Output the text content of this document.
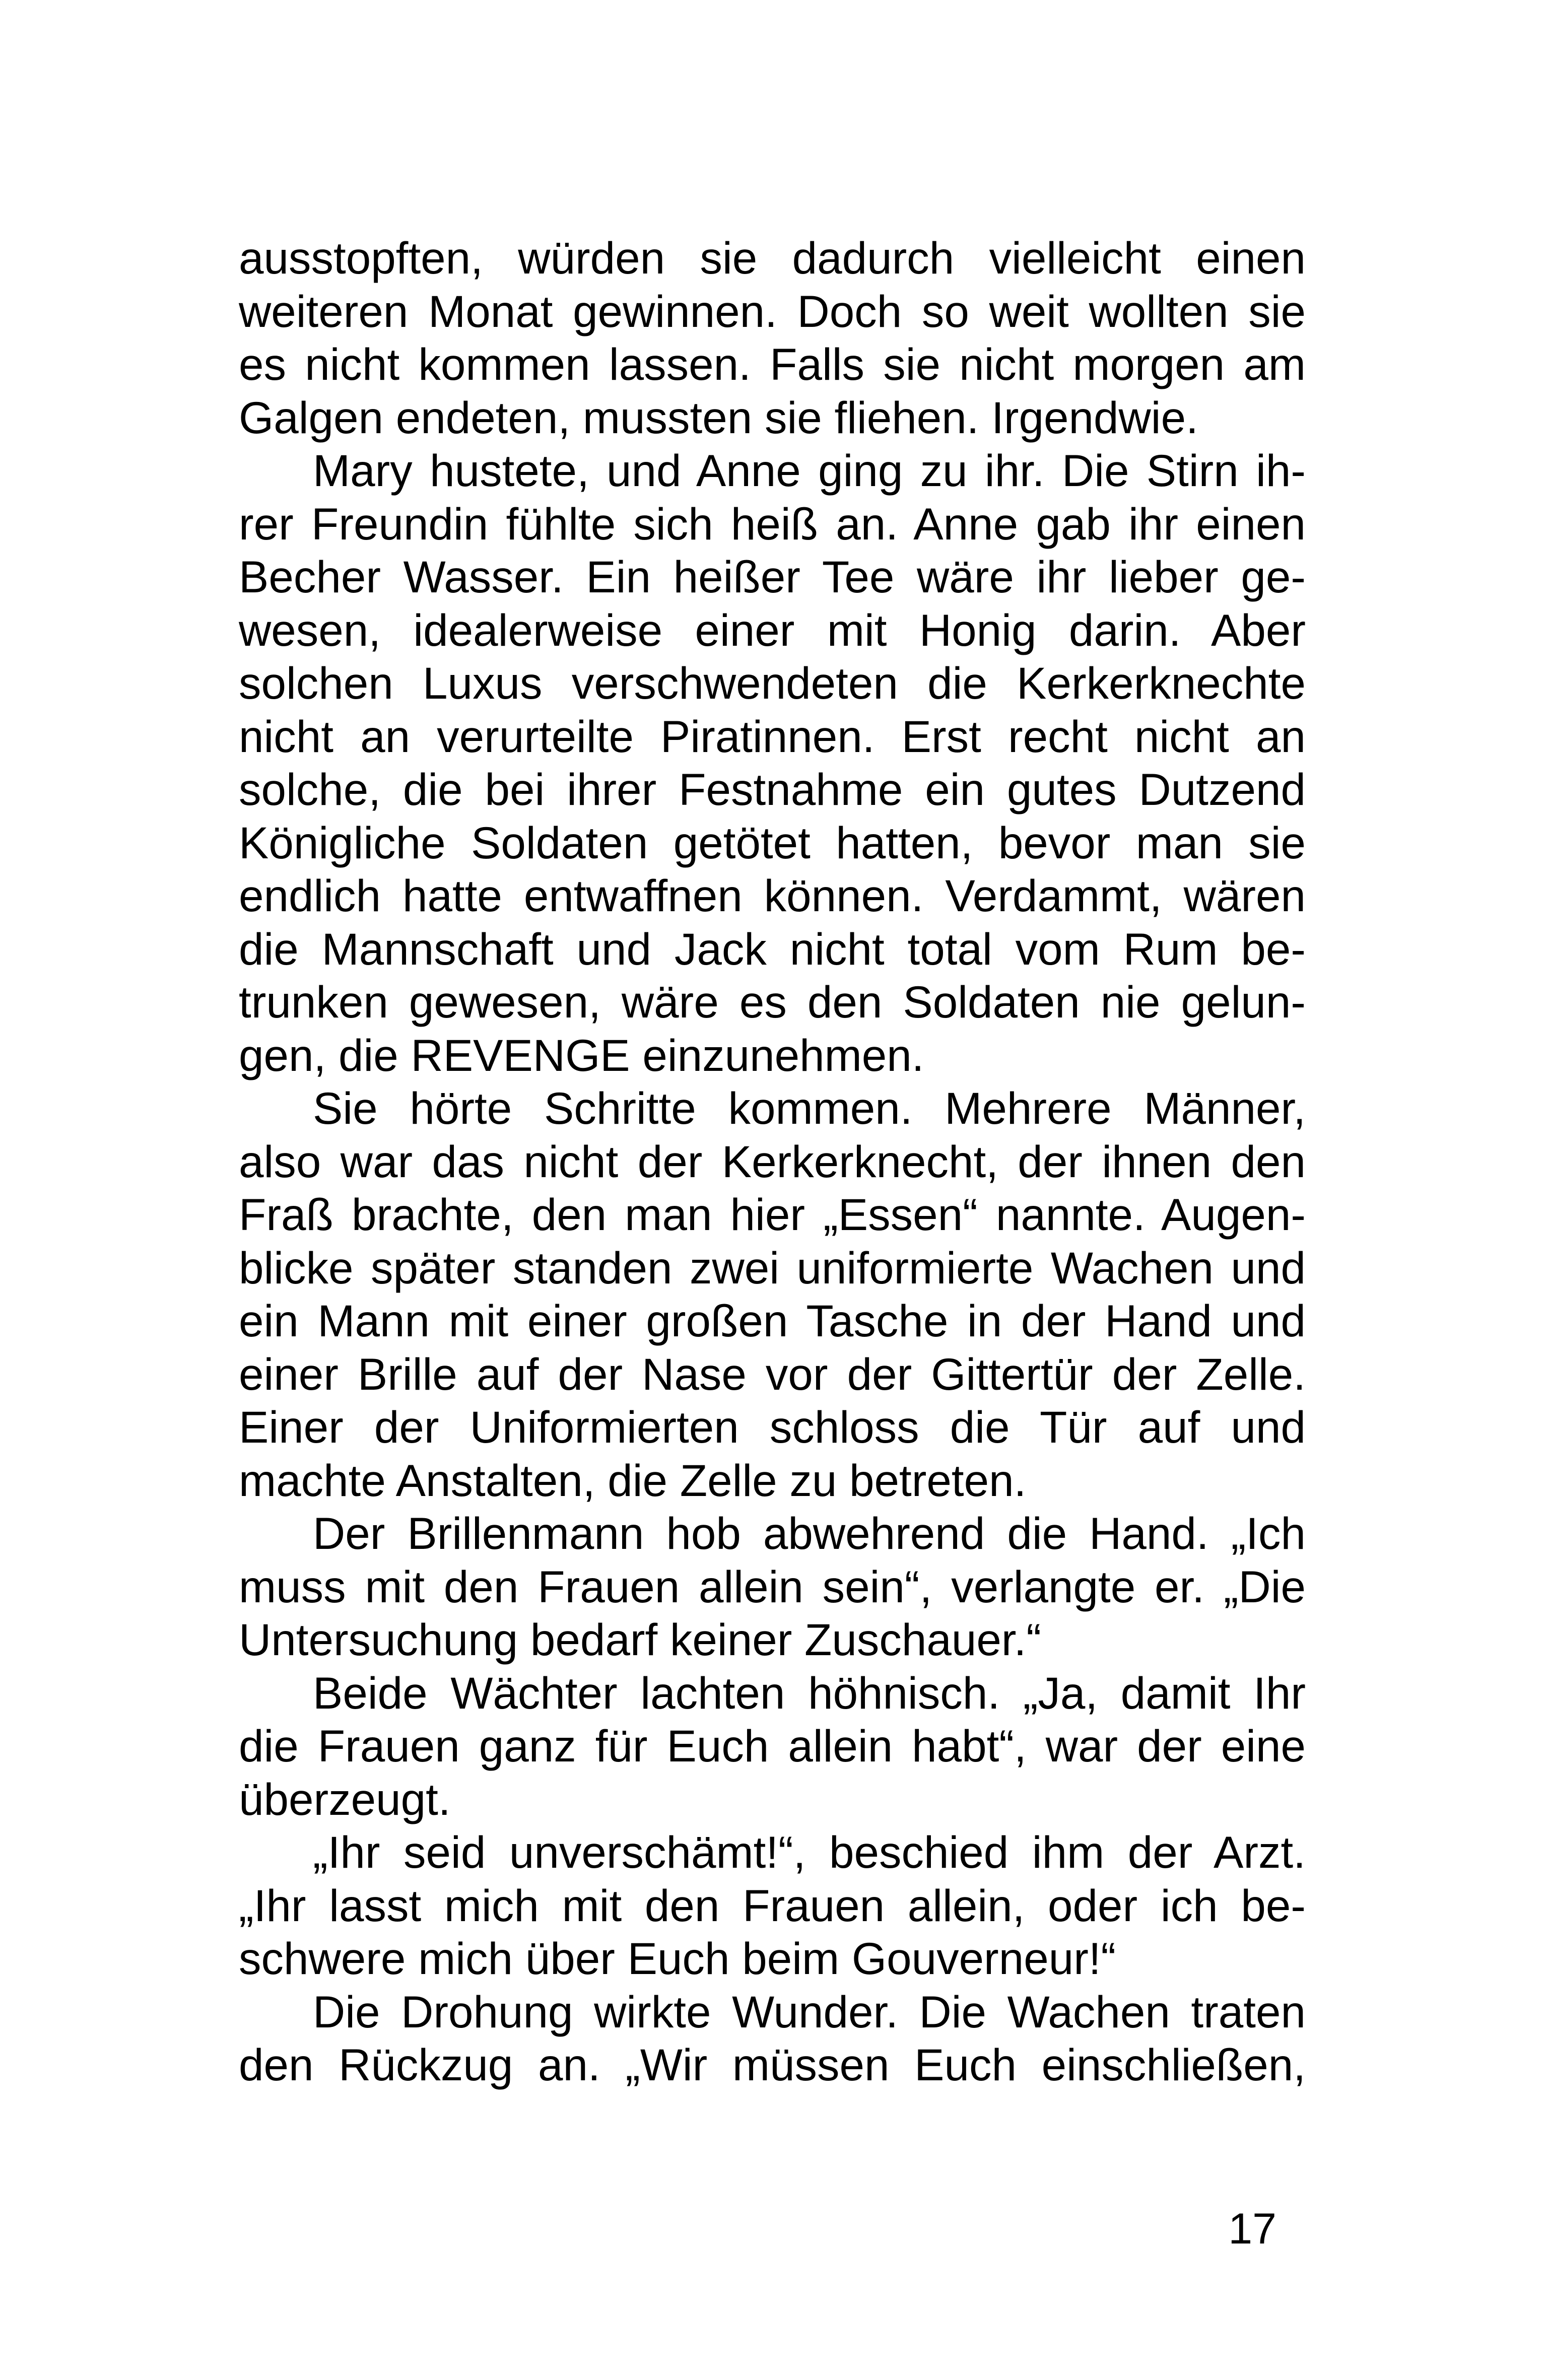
ausstopften, würden sie dadurch vielleicht einen
weiteren Monat gewinnen. Doch so weit wollten sie
es nicht kommen lassen. Falls sie nicht morgen am
Galgen endeten, mussten sie fliehen. Irgendwie.
Mary hustete, und Anne ging zu ihr. Die Stirn ih-
rer Freundin fühlte sich heiß an. Anne gab ihr einen
Becher Wasser. Ein heißer Tee wäre ihr lieber ge-
wesen, idealerweise einer mit Honig darin. Aber
solchen Luxus verschwendeten die Kerkerknechte
nicht an verurteilte Piratinnen. Erst recht nicht an
solche, die bei ihrer Festnahme ein gutes Dutzend
Königliche Soldaten getötet hatten, bevor man sie
endlich hatte entwaffnen können. Verdammt, wären
die Mannschaft und Jack nicht total vom Rum be-
trunken gewesen, wäre es den Soldaten nie gelun-
gen, die REVENGE einzunehmen.
Sie hörte Schritte kommen. Mehrere Männer,
also war das nicht der Kerkerknecht, der ihnen den
Fraß brachte, den man hier „Essen“ nannte. Augen-
blicke später standen zwei uniformierte Wachen und
ein Mann mit einer großen Tasche in der Hand und
einer Brille auf der Nase vor der Gittertür der Zelle.
Einer der Uniformierten schloss die Tür auf und
machte Anstalten, die Zelle zu betreten.
Der Brillenmann hob abwehrend die Hand. „Ich
muss mit den Frauen allein sein“, verlangte er. „Die
Untersuchung bedarf keiner Zuschauer.“
Beide Wächter lachten höhnisch. „Ja, damit Ihr
die Frauen ganz für Euch allein habt“, war der eine
überzeugt.
„Ihr seid unverschämt!“, beschied ihm der Arzt.
„Ihr lasst mich mit den Frauen allein, oder ich be-
schwere mich über Euch beim Gouverneur!“
Die Drohung wirkte Wunder. Die Wachen traten
den Rückzug an. „Wir müssen Euch einschließen,
17
